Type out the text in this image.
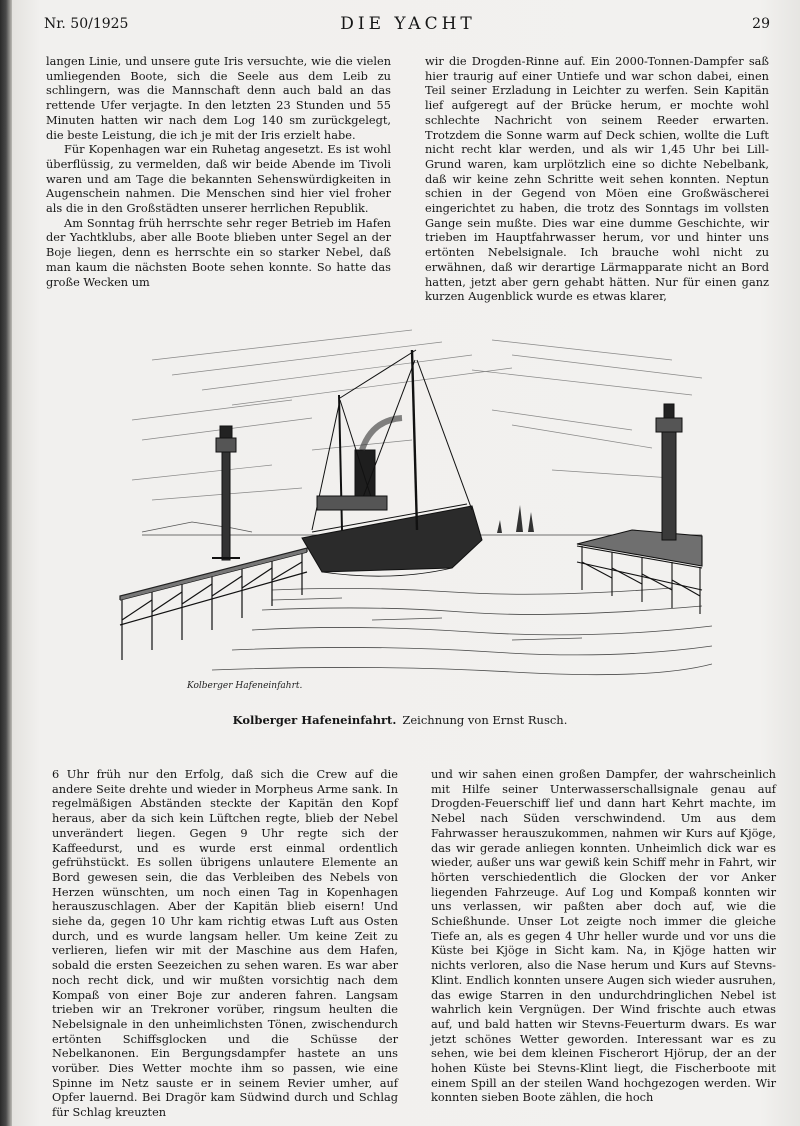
Nr. 50/1925	DIE YACHT	29

langen Linie, und unsere gute Iris versuchte, wie die vielen umliegenden Boote, sich die Seele aus dem Leib zu schlingern, was die Mannschaft denn auch bald an das rettende Ufer verjagte. In den letzten 23 Stunden und 55 Minuten hatten wir nach dem Log 140 sm zurückgelegt, die beste Leistung, die ich je mit der Iris erzielt habe.

Für Kopenhagen war ein Ruhetag angesetzt. Es ist wohl überflüssig, zu vermelden, daß wir beide Abende im Tivoli waren und am Tage die bekannten Sehenswürdigkeiten in Augenschein nahmen. Die Menschen sind hier viel froher als die in den Großstädten unserer herrlichen Republik.

Am Sonntag früh herrschte sehr reger Betrieb im Hafen der Yachtklubs, aber alle Boote blieben unter Segel an der Boje liegen, denn es herrschte ein so starker Nebel, daß man kaum die nächsten Boote sehen konnte. So hatte das große Wecken um

wir die Drogden-Rinne auf. Ein 2000-Tonnen-Dampfer saß hier traurig auf einer Untiefe und war schon dabei, einen Teil seiner Erzladung in Leichter zu werfen. Sein Kapitän lief aufgeregt auf der Brücke herum, er mochte wohl schlechte Nachricht von seinem Reeder erwarten. Trotzdem die Sonne warm auf Deck schien, wollte die Luft nicht recht klar werden, und als wir 1,45 Uhr bei Lill-Grund waren, kam urplötzlich eine so dichte Nebelbank, daß wir keine zehn Schritte weit sehen konnten. Neptun schien in der Gegend von Möen eine Großwäscherei eingerichtet zu haben, die trotz des Sonntags im vollsten Gange sein mußte. Dies war eine dumme Geschichte, wir trieben im Hauptfahrwasser herum, vor und hinter uns ertönten Nebelsignale. Ich brauche wohl nicht zu erwähnen, daß wir derartige Lärmapparate nicht an Bord hatten, jetzt aber gern gehabt hätten. Nur für einen ganz kurzen Augenblick wurde es etwas klarer,

Kolberger Hafeneinfahrt.
Kolberger Hafeneinfahrt. Zeichnung von Ernst Rusch.

6 Uhr früh nur den Erfolg, daß sich die Crew auf die andere Seite drehte und wieder in Morpheus Arme sank. In regelmäßigen Abständen steckte der Kapitän den Kopf heraus, aber da sich kein Lüftchen regte, blieb der Nebel unverändert liegen. Gegen 9 Uhr regte sich der Kaffeedurst, und es wurde erst einmal ordentlich gefrühstückt. Es sollen übrigens unlautere Elemente an Bord gewesen sein, die das Verbleiben des Nebels von Herzen wünschten, um noch einen Tag in Kopenhagen herauszuschlagen. Aber der Kapitän blieb eisern! Und siehe da, gegen 10 Uhr kam richtig etwas Luft aus Osten durch, und es wurde langsam heller. Um keine Zeit zu verlieren, liefen wir mit der Maschine aus dem Hafen, sobald die ersten Seezeichen zu sehen waren. Es war aber noch recht dick, und wir mußten vorsichtig nach dem Kompaß von einer Boje zur anderen fahren. Langsam trieben wir an Trekroner vorüber, ringsum heulten die Nebelsignale in den unheimlichsten Tönen, zwischendurch ertönten Schiffsglocken und die Schüsse der Nebelkanonen. Ein Bergungsdampfer hastete an uns vorüber. Dies Wetter mochte ihm so passen, wie eine Spinne im Netz sauste er in seinem Revier umher, auf Opfer lauernd. Bei Dragör kam Südwind durch und Schlag für Schlag kreuzten

und wir sahen einen großen Dampfer, der wahrscheinlich mit Hilfe seiner Unterwasserschallsignale genau auf Drogden-Feuerschiff lief und dann hart Kehrt machte, im Nebel nach Süden verschwindend. Um aus dem Fahrwasser herauszukommen, nahmen wir Kurs auf Kjöge, das wir gerade anliegen konnten. Unheimlich dick war es wieder, außer uns war gewiß kein Schiff mehr in Fahrt, wir hörten verschiedentlich die Glocken der vor Anker liegenden Fahrzeuge. Auf Log und Kompaß konnten wir uns verlassen, wir paßten aber doch auf, wie die Schießhunde. Unser Lot zeigte noch immer die gleiche Tiefe an, als es gegen 4 Uhr heller wurde und vor uns die Küste bei Kjöge in Sicht kam. Na, in Kjöge hatten wir nichts verloren, also die Nase herum und Kurs auf Stevns-Klint. Endlich konnten unsere Augen sich wieder ausruhen, das ewige Starren in den undurchdringlichen Nebel ist wahrlich kein Vergnügen. Der Wind frischte auch etwas auf, und bald hatten wir Stevns-Feuerturm dwars. Es war jetzt schönes Wetter geworden. Interessant war es zu sehen, wie bei dem kleinen Fischerort Hjörup, der an der hohen Küste bei Stevns-Klint liegt, die Fischerboote mit einem Spill an der steilen Wand hochgezogen werden. Wir konnten sieben Boote zählen, die hoch
